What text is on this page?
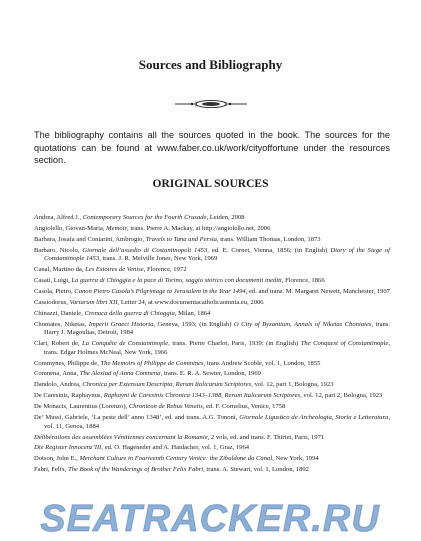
Sources and Bibliography

The bibliography contains all the sources quoted in the book. The sources for the quotations can be found at www.faber.co.uk/work/cityoffortune under the resources section.

ORIGINAL SOURCES

Andrea, Alfred J., Contemporary Sources for the Fourth Crusade, Leiden, 2008

Angiolello, Giovan-Maria, Memoir, trans. Pierre A. Mackay, at http://angiolello.net, 2006

Barbara, Josafa and Contarini, Ambrogio, Travels to Tana and Persia, trans. William Thomas, London, 1873

Barbaro, Nicolo, Giornale dell’assedio di Costantinopoli 1453, ed. E. Cornet, Vienna, 1856; (in English) Diary of the Siege of Constantinople 1453, trans. J. R. Melville Jones, New York, 1969

Canal, Martino da, Les Estoires de Venise, Florence, 1972

Casati, Luigi, La guerra di Chioggia e la pace di Torino, saggio storico con documenti inediti, Florence, 1866

Casola, Pietro, Canon Pietro Casola’s Pilgrimage to Jerusalem in the Year 1494, ed. and trans. M. Margaret Newett, Manchester, 1907

Cassiodorus, Variarum libri XII, Letter 24, at www.documentacatholicaomnia.eu, 2006

Chinazzi, Daniele, Cronaca della guerra di Chioggia, Milan, 1864

Choniates, Niketas, Imperii Graeci Historia, Geneva, 1593; (in English) O City of Byzantium, Annals of Niketas Choniates, trans. Harry J. Magoulias, Detroit, 1984

Clari, Robert de, La Conquête de Constantinople, trans. Pierre Charlot, Paris, 1939; (in English) The Conquest of Constantinople, trans. Edgar Holmes McNeal, New York, 1966

Commynes, Philippe de, The Memoirs of Philippe de Commines, trans Andrew Scoble, vol. 1, London, 1855

Comnena, Anna, The Alexiad of Anna Comnena, trans. E. R. A. Sewter, London, 1969

Dandolo, Andrea, Chronica per Extensum Descripta, Rerum Italicarum Scriptores, vol. 12, part 1, Bologna, 1923

De Caresinis, Raphaynus, Raphayni de Caresinis Chronica 1343–1388, Rerum Italicarum Scriptores, vol. 12, part 2, Bologna, 1923

De Monacis, Laurentius (Lorenzo), Chronicon de Rebus Venetis, ed. F. Cornelius, Venice, 1758

De’ Mussi, Gabriele, ‘La peste dell’ anno 1348’, ed. and trans. A.G. Tononi, Giornale Ligustico de Archeologia, Storia e Letteratura, vol. 11, Genoa, 1884

Délibérations des assemblées Vénitiennes concernant la Romanie, 2 vols, ed. and trans. F. Thiriet, Paris, 1971

Die Register Innocenz’III, ed. O. Hageneder and A. Haidacher, vol. 1, Graz, 1964

Dotson, John E., Merchant Culture in Fourteenth Century Venice: the Zibaldone da Canal, New York, 1994

Fabri, Felix, The Book of the Wanderings of Brother Felix Fabri, trans. A. Stewart, vol. 1, London, 1892

SEATRACKER.RU
